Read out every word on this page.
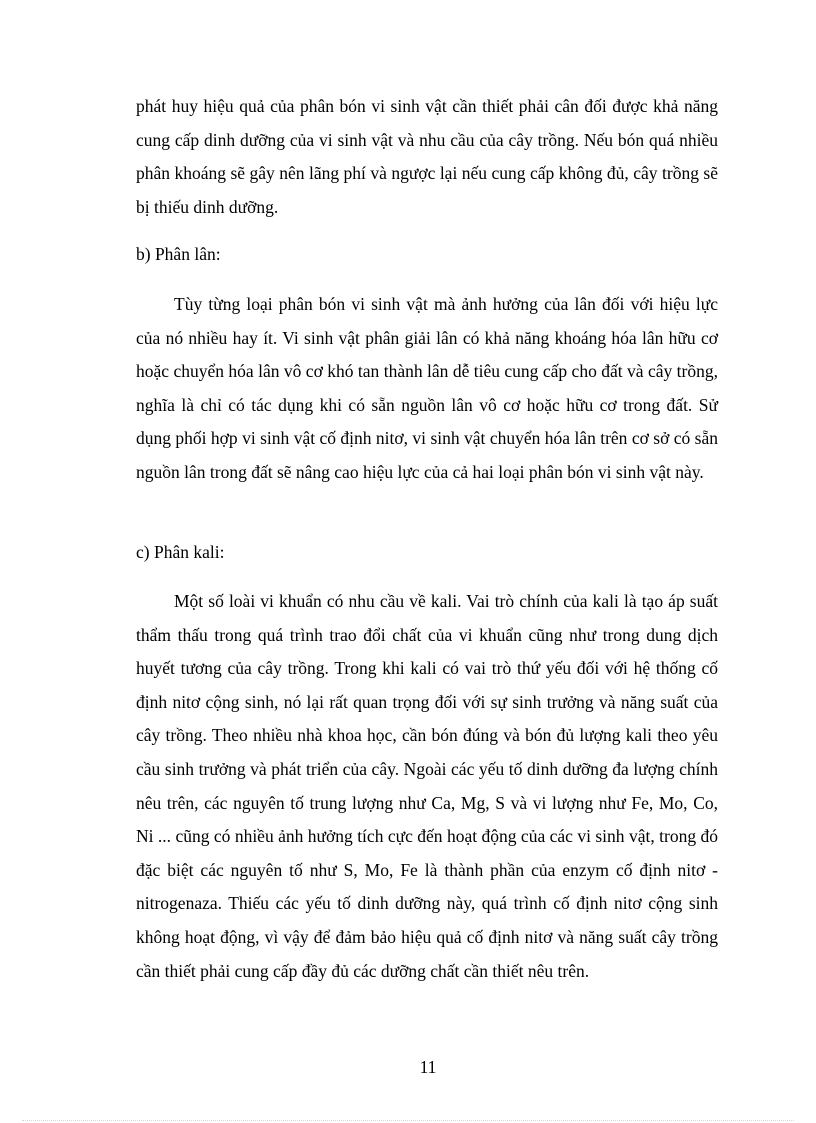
phát huy hiệu quả của phân bón vi sinh vật cần thiết phải cân đối được khả năng cung cấp dinh dưỡng của vi sinh vật và nhu cầu của cây trồng. Nếu bón quá nhiều phân khoáng sẽ gây nên lãng phí và ngược lại nếu cung cấp không đủ, cây trồng sẽ bị thiếu dinh dưỡng.

b) Phân lân:

Tùy từng loại phân bón vi sinh vật mà ảnh hưởng của lân đối với hiệu lực của nó nhiều hay ít. Vi sinh vật phân giải lân có khả năng khoáng hóa lân hữu cơ hoặc chuyển hóa lân vô cơ khó tan thành lân dễ tiêu cung cấp cho đất và cây trồng, nghĩa là chỉ có tác dụng khi có sẵn nguồn lân vô cơ hoặc hữu cơ trong đất. Sử dụng phối hợp vi sinh vật cố định nitơ, vi sinh vật chuyển hóa lân trên cơ sở có sẵn nguồn lân trong đất sẽ nâng cao hiệu lực của cả hai loại phân bón vi sinh vật này.

c) Phân kali:

Một số loài vi khuẩn có nhu cầu về kali. Vai trò chính của kali là tạo áp suất thẩm thấu trong quá trình trao đổi chất của vi khuẩn cũng như trong dung dịch huyết tương của cây trồng. Trong khi kali có vai trò thứ yếu đối với hệ thống cố định nitơ cộng sinh, nó lại rất quan trọng đối với sự sinh trưởng và năng suất của cây trồng. Theo nhiều nhà khoa học, cần bón đúng và bón đủ lượng kali theo yêu cầu sinh trưởng và phát triển của cây. Ngoài các yếu tố dinh dưỡng đa lượng chính nêu trên, các nguyên tố trung lượng như Ca, Mg, S và vi lượng như Fe, Mo, Co, Ni ... cũng có nhiều ảnh hưởng tích cực đến hoạt động của các vi sinh vật, trong đó đặc biệt các nguyên tố như S, Mo, Fe là thành phần của enzym cố định nitơ - nitrogenaza. Thiếu các yếu tố dinh dưỡng này, quá trình cố định nitơ cộng sinh không hoạt động, vì vậy để đảm bảo hiệu quả cố định nitơ và năng suất cây trồng cần thiết phải cung cấp đầy đủ các dưỡng chất cần thiết nêu trên.

11
